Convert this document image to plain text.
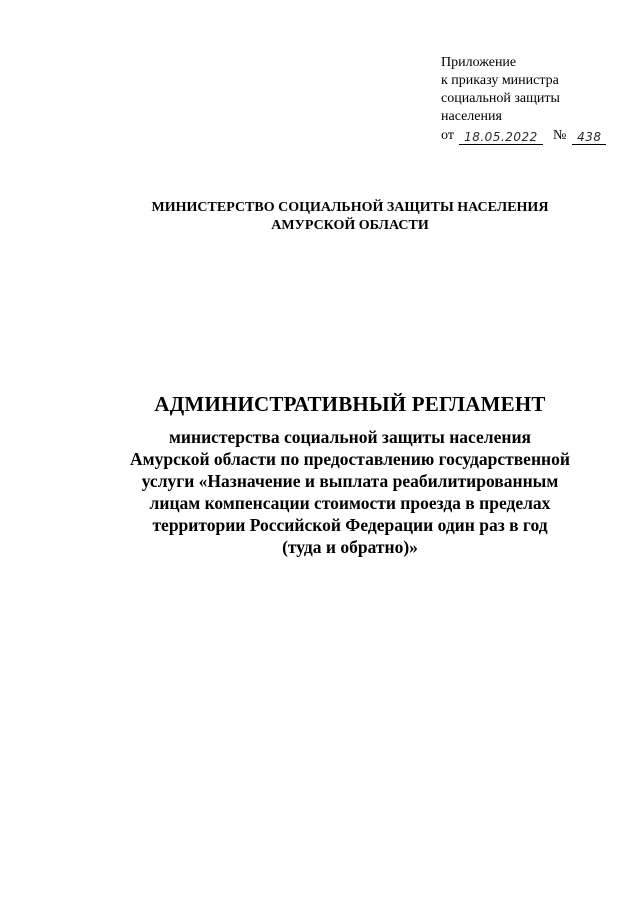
Приложение
к приказу министра
социальной защиты
населения
от 18.05.2022	№ 438
МИНИСТЕРСТВО СОЦИАЛЬНОЙ ЗАЩИТЫ НАСЕЛЕНИЯ
АМУРСКОЙ ОБЛАСТИ
АДМИНИСТРАТИВНЫЙ РЕГЛАМЕНТ
министерства социальной защиты населения
Амурской области по предоставлению государственной
услуги «Назначение и выплата реабилитированным
лицам компенсации стоимости проезда в пределах
территории Российской Федерации один раз в год
(туда и обратно)»
